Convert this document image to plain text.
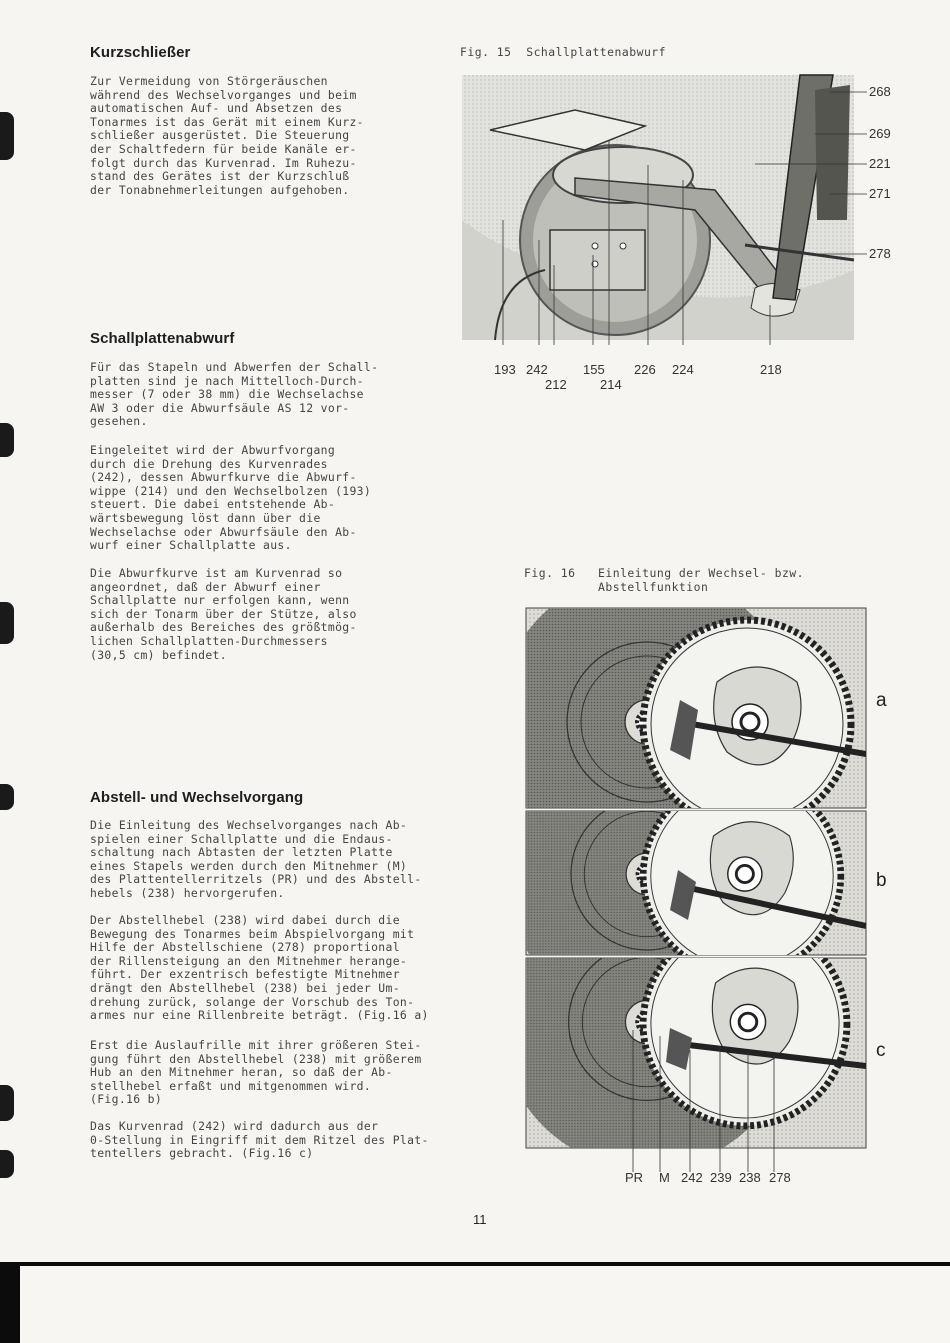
Kurzschließer

Zur Vermeidung von Störgeräuschen
während des Wechselvorganges und beim
automatischen Auf- und Absetzen des
Tonarmes ist das Gerät mit einem Kurz-
schließer ausgerüstet. Die Steuerung
der Schaltfedern für beide Kanäle er-
folgt durch das Kurvenrad. Im Ruhezu-
stand des Gerätes ist der Kurzschluß
der Tonabnehmerleitungen aufgehoben.

Schallplattenabwurf

Für das Stapeln und Abwerfen der Schall-
platten sind je nach Mittelloch-Durch-
messer (7 oder 38 mm) die Wechselachse
AW 3 oder die Abwurfsäule AS 12 vor-
gesehen.

Eingeleitet wird der Abwurfvorgang
durch die Drehung des Kurvenrades
(242), dessen Abwurfkurve die Abwurf-
wippe (214) und den Wechselbolzen (193)
steuert. Die dabei entstehende Ab-
wärtsbewegung löst dann über die
Wechselachse oder Abwurfsäule den Ab-
wurf einer Schallplatte aus.

Die Abwurfkurve ist am Kurvenrad so
angeordnet, daß der Abwurf einer
Schallplatte nur erfolgen kann, wenn
sich der Tonarm über der Stütze, also
außerhalb des Bereiches des größtmög-
lichen Schallplatten-Durchmessers
(30,5 cm) befindet.

Abstell- und Wechselvorgang

Die Einleitung des Wechselvorganges nach Ab-
spielen einer Schallplatte und die Endaus-
schaltung nach Abtasten der letzten Platte
eines Stapels werden durch den Mitnehmer (M)
des Plattentellerritzels (PR) und des Abstell-
hebels (238) hervorgerufen.

Der Abstellhebel (238) wird dabei durch die
Bewegung des Tonarmes beim Abspielvorgang mit
Hilfe der Abstellschiene (278) proportional
der Rillensteigung an den Mitnehmer herange-
führt. Der exzentrisch befestigte Mitnehmer
drängt den Abstellhebel (238) bei jeder Um-
drehung zurück, solange der Vorschub des Ton-
armes nur eine Rillenbreite beträgt. (Fig.16 a)

Erst die Auslaufrille mit ihrer größeren Stei-
gung führt den Abstellhebel (238) mit größerem
Hub an den Mitnehmer heran, so daß der Ab-
stellhebel erfaßt und mitgenommen wird.
(Fig.16 b)

Das Kurvenrad (242) wird dadurch aus der
0-Stellung in Eingriff mit dem Ritzel des Plat-
tentellers gebracht. (Fig.16 c)

Fig. 15  Schallplattenabwurf
268
269
221
271
278
193 242
212
155
214
226 224	218
Fig. 16 Einleitung der Wechsel- bzw.
Abstellfunktion
a
b
c
PR M 242 239 238 278
11
